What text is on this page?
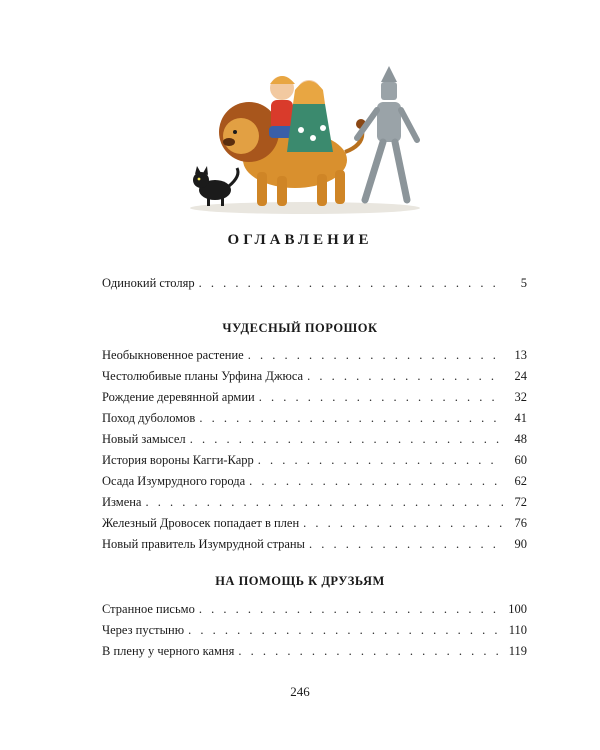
ОГЛАВЛЕНИЕ
Одинокий столяр . . .	5
ЧУДЕСНЫЙ ПОРОШОК
Необыкновенное растение . . .	13
Честолюбивые планы Урфина Джюса . . .	24
Рождение деревянной армии . . .	32
Поход дуболомов . . .	41
Новый замысел . . .	48
История вороны Кагги-Карр . . .	60
Осада Изумрудного города . . .	62
Измена . . .	72
Железный Дровосек попадает в плен . . .	76
Новый правитель Изумрудной страны . . .	90
НА ПОМОЩЬ К ДРУЗЬЯМ
Странное письмо . . .	100
Через пустыню . . .	110
В плену у черного камня . . .	119
246
